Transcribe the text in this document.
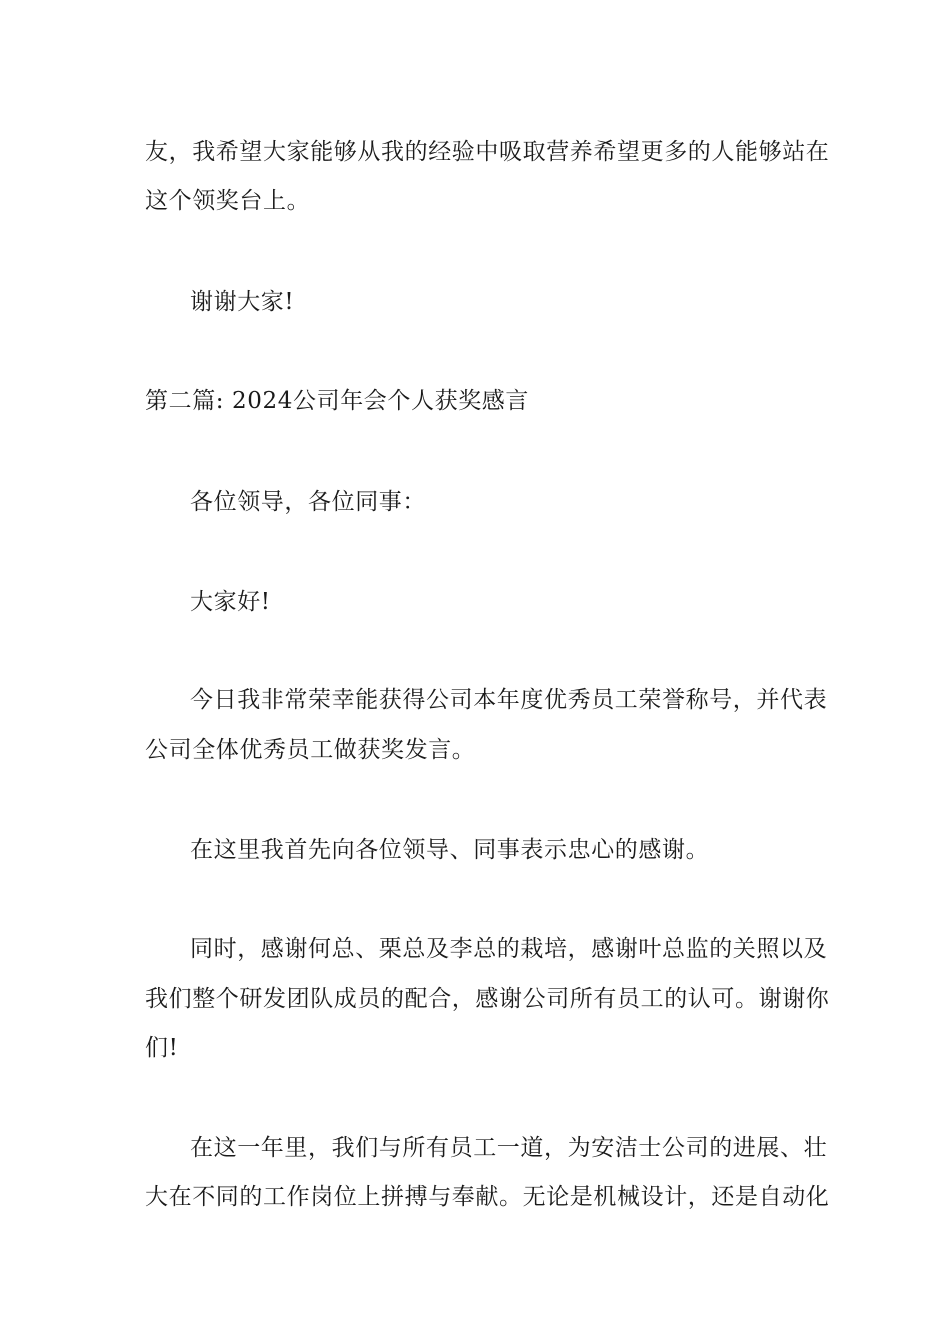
友，我希望大家能够从我的经验中吸取营养希望更多的人能够站在
这个领奖台上。
谢谢大家!
第二篇: 2024公司年会个人获奖感言
各位领导，各位同事：
大家好!
今日我非常荣幸能获得公司本年度优秀员工荣誉称号，并代表
公司全体优秀员工做获奖发言。
在这里我首先向各位领导、同事表示忠心的感谢。
同时，感谢何总、栗总及李总的栽培，感谢叶总监的关照以及
我们整个研发团队成员的配合，感谢公司所有员工的认可。谢谢你
们!
在这一年里，我们与所有员工一道，为安洁士公司的进展、壮
大在不同的工作岗位上拼搏与奉献。无论是机械设计，还是自动化
